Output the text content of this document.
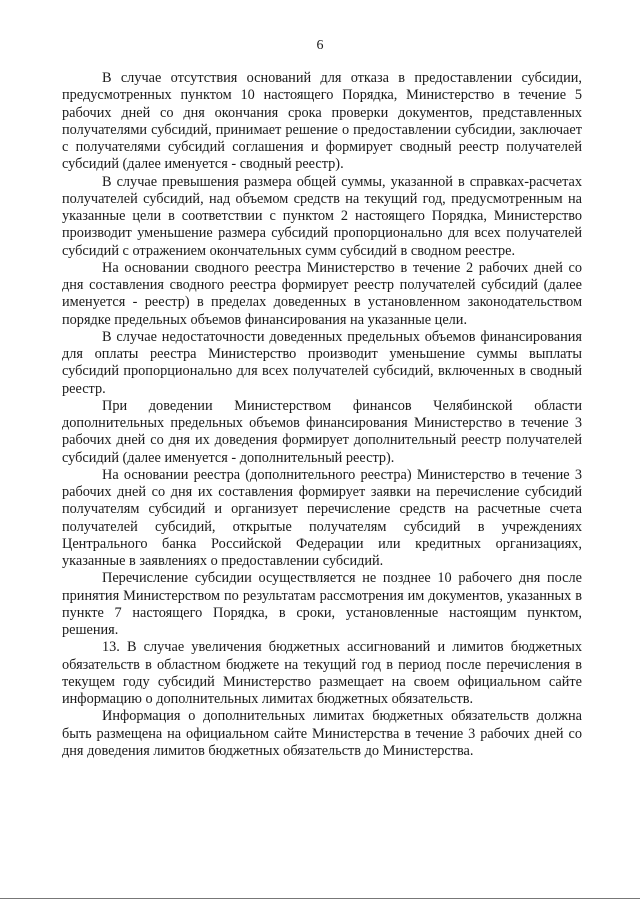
6

В случае отсутствия оснований для отказа в предоставлении субсидии, предусмотренных пунктом 10 настоящего Порядка, Министерство в течение 5 рабочих дней со дня окончания срока проверки документов, представленных получателями субсидий, принимает решение о предоставлении субсидии, заключает с получателями субсидий соглашения и формирует сводный реестр получателей субсидий (далее именуется - сводный реестр).

В случае превышения размера общей суммы, указанной в справках-расчетах получателей субсидий, над объемом средств на текущий год, предусмотренным на указанные цели в соответствии с пунктом 2 настоящего Порядка, Министерство производит уменьшение размера субсидий пропорционально для всех получателей субсидий с отражением окончательных сумм субсидий в сводном реестре.

На основании сводного реестра Министерство в течение 2 рабочих дней со дня составления сводного реестра формирует реестр получателей субсидий (далее именуется - реестр) в пределах доведенных в установленном законодательством порядке предельных объемов финансирования на указанные цели.

В случае недостаточности доведенных предельных объемов финансирования для оплаты реестра Министерство производит уменьшение суммы выплаты субсидий пропорционально для всех получателей субсидий, включенных в сводный реестр.

При доведении Министерством финансов Челябинской области дополнительных предельных объемов финансирования Министерство в течение 3 рабочих дней со дня их доведения формирует дополнительный реестр получателей субсидий (далее именуется - дополнительный реестр).

На основании реестра (дополнительного реестра) Министерство в течение 3 рабочих дней со дня их составления формирует заявки на перечисление субсидий получателям субсидий и организует перечисление средств на расчетные счета получателей субсидий, открытые получателям субсидий в учреждениях Центрального банка Российской Федерации или кредитных организациях, указанные в заявлениях о предоставлении субсидий.

Перечисление субсидии осуществляется не позднее 10 рабочего дня после принятия Министерством по результатам рассмотрения им документов, указанных в пункте 7 настоящего Порядка, в сроки, установленные настоящим пунктом, решения.

13. В случае увеличения бюджетных ассигнований и лимитов бюджетных обязательств в областном бюджете на текущий год в период после перечисления в текущем году субсидий Министерство размещает на своем официальном сайте информацию о дополнительных лимитах бюджетных обязательств.

Информация о дополнительных лимитах бюджетных обязательств должна быть размещена на официальном сайте Министерства в течение 3 рабочих дней со дня доведения лимитов бюджетных обязательств до Министерства.
